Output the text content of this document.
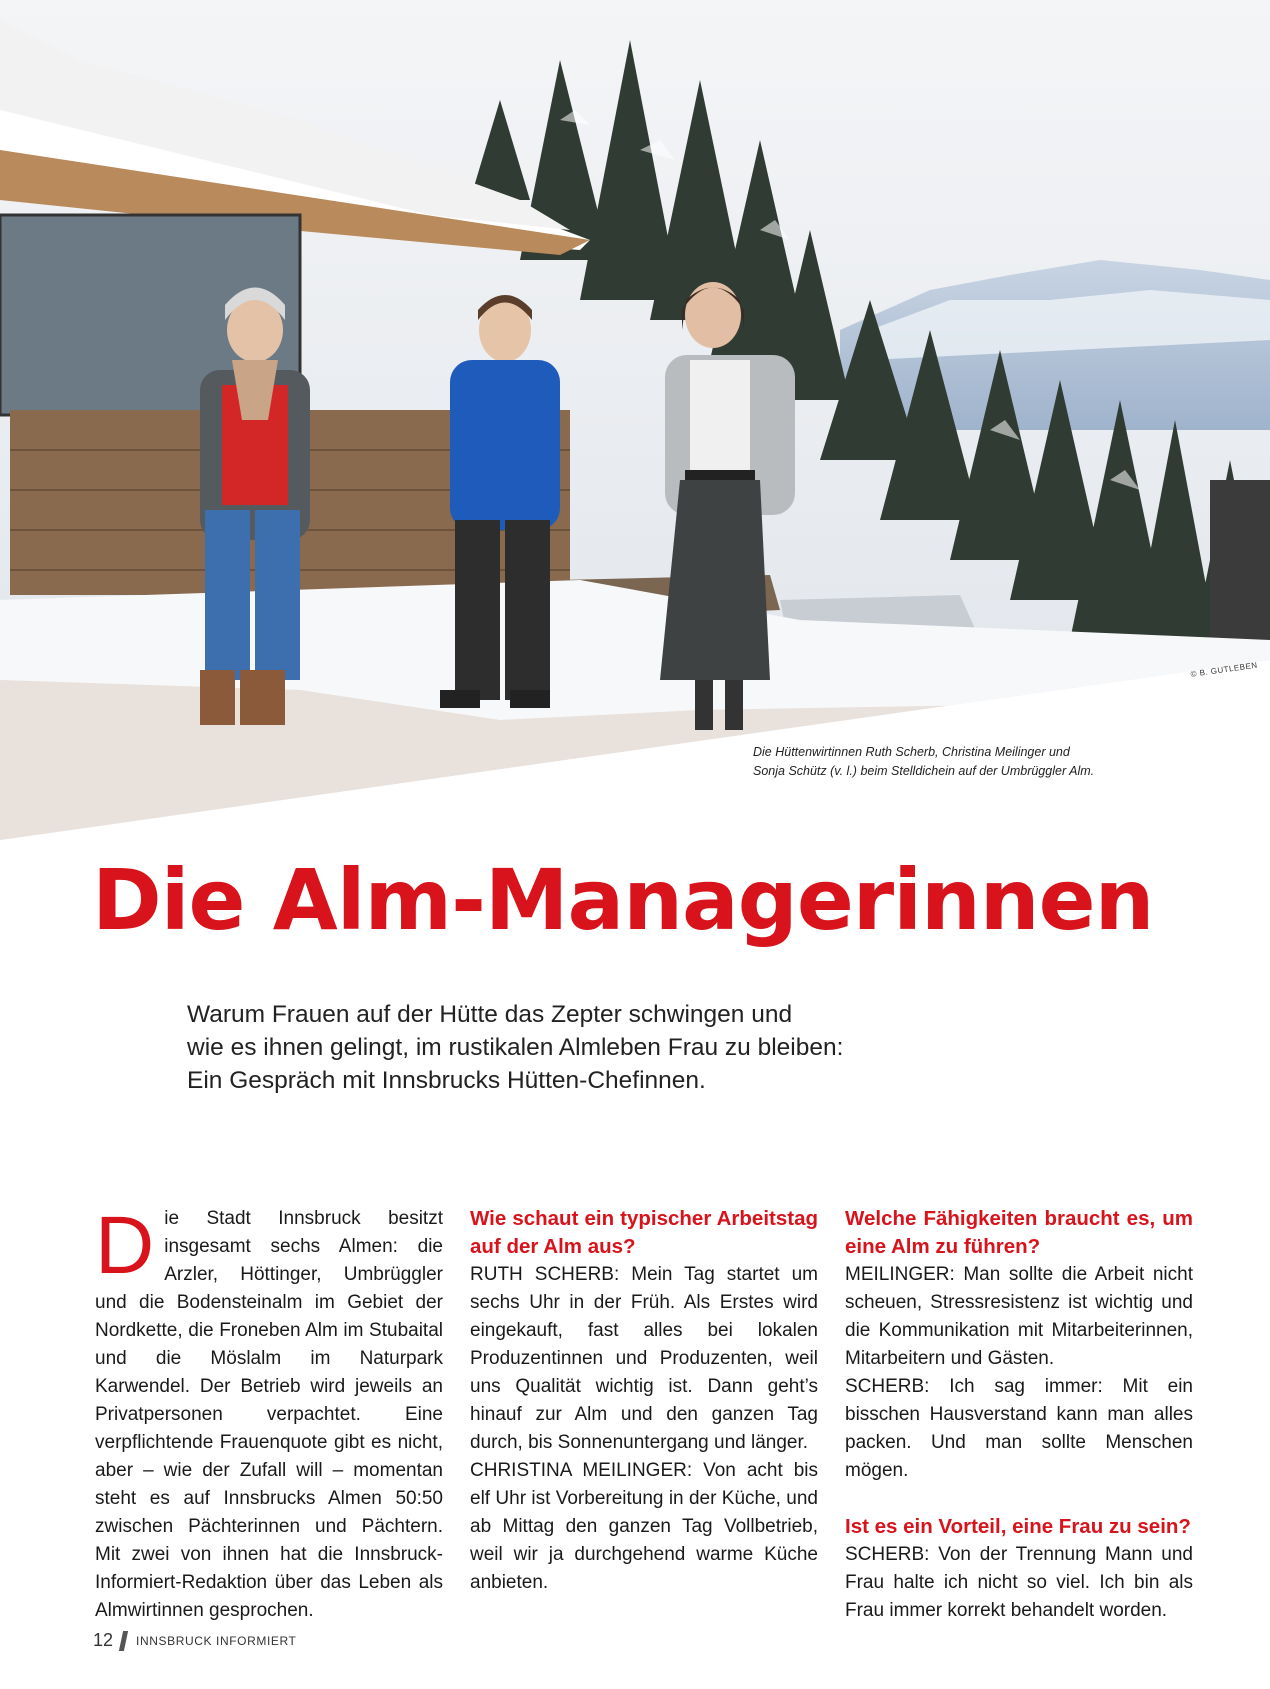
© B. GUTLEBEN
Die Hüttenwirtinnen Ruth Scherb, Christina Meilinger und
Sonja Schütz (v. l.) beim Stelldichein auf der Umbrüggler Alm.
Die Alm-Managerinnen
Warum Frauen auf der Hütte das Zepter schwingen und
wie es ihnen gelingt, im rustikalen Almleben Frau zu bleiben:
Ein Gespräch mit Innsbrucks Hütten-Chefinnen.

Die Stadt Innsbruck besitzt insgesamt sechs Almen: die Arzler, Höttinger, Umbrüggler und die Bodensteinalm im Gebiet der Nordkette, die Froneben Alm im Stubaital und die Möslalm im Naturpark Karwendel. Der Betrieb wird jeweils an Privatpersonen verpachtet. Eine verpflichtende Frauenquote gibt es nicht, aber – wie der Zufall will – momentan steht es auf Innsbrucks Almen 50:50 zwischen Pächterinnen und Pächtern. Mit zwei von ihnen hat die Innsbruck-Informiert-Redaktion über das Leben als Almwirtinnen gesprochen.

Wie schaut ein typischer Arbeitstag auf der Alm aus?

RUTH SCHERB: Mein Tag startet um sechs Uhr in der Früh. Als Erstes wird eingekauft, fast alles bei lokalen Produzentinnen und Produzenten, weil uns Qualität wichtig ist. Dann geht’s hinauf zur Alm und den ganzen Tag durch, bis Sonnenuntergang und länger.

CHRISTINA MEILINGER: Von acht bis elf Uhr ist Vorbereitung in der Küche, und ab Mittag den ganzen Tag Vollbetrieb, weil wir ja durchgehend warme Küche anbieten.

Welche Fähigkeiten braucht es, um eine Alm zu führen?

MEILINGER: Man sollte die Arbeit nicht scheuen, Stressresistenz ist wichtig und die Kommunikation mit Mitarbeiterinnen, Mitarbeitern und Gästen.

SCHERB: Ich sag immer: Mit ein bisschen Hausverstand kann man alles packen. Und man sollte Menschen mögen.

Ist es ein Vorteil, eine Frau zu sein?

SCHERB: Von der Trennung Mann und Frau halte ich nicht so viel. Ich bin als Frau immer korrekt behandelt worden.

12 INNSBRUCK INFORMIERT
